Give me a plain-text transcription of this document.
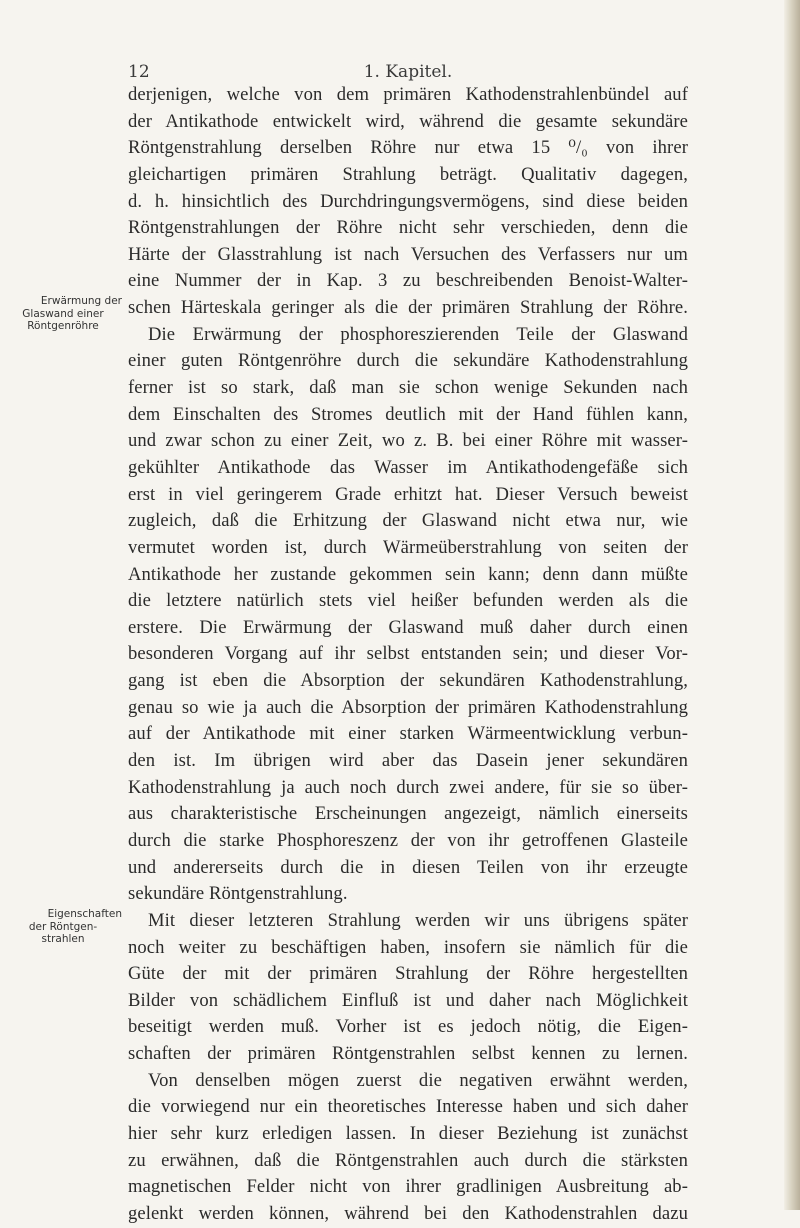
12	1. Kapitel.
Erwärmung der
Glaswand einer
Röntgenröhre
Eigenschaften
der Röntgen-
strahlen
derjenigen, welche von dem primären Kathodenstrahlenbündel auf
der Antikathode entwickelt wird, während die gesamte sekundäre
Röntgenstrahlung derselben Röhre nur etwa 15 ⁰/₀ von ihrer
gleichartigen primären Strahlung beträgt. Qualitativ dagegen,
d. h. hinsichtlich des Durchdringungsvermögens, sind diese beiden
Röntgenstrahlungen der Röhre nicht sehr verschieden, denn die
Härte der Glasstrahlung ist nach Versuchen des Verfassers nur um
eine Nummer der in Kap. 3 zu beschreibenden Benoist-Walter-
schen Härteskala geringer als die der primären Strahlung der Röhre.
Die Erwärmung der phosphoreszierenden Teile der Glaswand
einer guten Röntgenröhre durch die sekundäre Kathodenstrahlung
ferner ist so stark, daß man sie schon wenige Sekunden nach
dem Einschalten des Stromes deutlich mit der Hand fühlen kann,
und zwar schon zu einer Zeit, wo z. B. bei einer Röhre mit wasser-
gekühlter Antikathode das Wasser im Antikathodengefäße sich
erst in viel geringerem Grade erhitzt hat. Dieser Versuch beweist
zugleich, daß die Erhitzung der Glaswand nicht etwa nur, wie
vermutet worden ist, durch Wärmeüberstrahlung von seiten der
Antikathode her zustande gekommen sein kann; denn dann müßte
die letztere natürlich stets viel heißer befunden werden als die
erstere. Die Erwärmung der Glaswand muß daher durch einen
besonderen Vorgang auf ihr selbst entstanden sein; und dieser Vor-
gang ist eben die Absorption der sekundären Kathodenstrahlung,
genau so wie ja auch die Absorption der primären Kathodenstrahlung
auf der Antikathode mit einer starken Wärmeentwicklung verbun-
den ist. Im übrigen wird aber das Dasein jener sekundären
Kathodenstrahlung ja auch noch durch zwei andere, für sie so über-
aus charakteristische Erscheinungen angezeigt, nämlich einerseits
durch die starke Phosphoreszenz der von ihr getroffenen Glasteile
und andererseits durch die in diesen Teilen von ihr erzeugte
sekundäre Röntgenstrahlung.
Mit dieser letzteren Strahlung werden wir uns übrigens später
noch weiter zu beschäftigen haben, insofern sie nämlich für die
Güte der mit der primären Strahlung der Röhre hergestellten
Bilder von schädlichem Einfluß ist und daher nach Möglichkeit
beseitigt werden muß. Vorher ist es jedoch nötig, die Eigen-
schaften der primären Röntgenstrahlen selbst kennen zu lernen.
Von denselben mögen zuerst die negativen erwähnt werden,
die vorwiegend nur ein theoretisches Interesse haben und sich daher
hier sehr kurz erledigen lassen. In dieser Beziehung ist zunächst
zu erwähnen, daß die Röntgenstrahlen auch durch die stärksten
magnetischen Felder nicht von ihrer gradlinigen Ausbreitung ab-
gelenkt werden können, während bei den Kathodenstrahlen dazu
